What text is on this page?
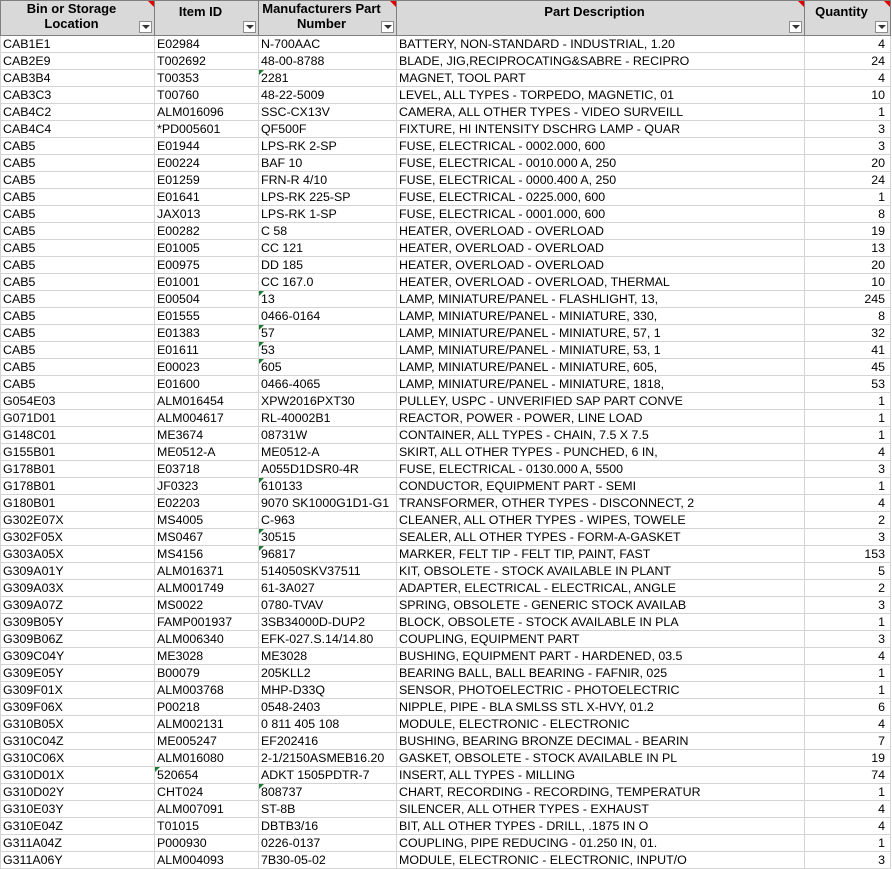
Bin or Storage Location	Item ID	Manufacturers Part Number	Part Description	Quantity

CAB1E1	E02984	N-700AAC	BATTERY, NON-STANDARD - INDUSTRIAL, 1.20	4
CAB2E9	T002692	48-00-8788	BLADE, JIG,RECIPROCATING&SABRE - RECIPRO	24
CAB3B4	T00353	2281	MAGNET, TOOL PART	4
CAB3C3	T00760	48-22-5009	LEVEL, ALL TYPES - TORPEDO, MAGNETIC, 01	10
CAB4C2	ALM016096	SSC-CX13V	CAMERA, ALL OTHER TYPES - VIDEO SURVEILL	1
CAB4C4	*PD005601	QF500F	FIXTURE, HI INTENSITY DSCHRG LAMP - QUAR	3
CAB5	E01944	LPS-RK 2-SP	FUSE, ELECTRICAL - 0002.000, 600	3
CAB5	E00224	BAF 10	FUSE, ELECTRICAL - 0010.000 A, 250	20
CAB5	E01259	FRN-R 4/10	FUSE, ELECTRICAL - 0000.400 A, 250	24
CAB5	E01641	LPS-RK 225-SP	FUSE, ELECTRICAL - 0225.000, 600	1
CAB5	JAX013	LPS-RK 1-SP	FUSE, ELECTRICAL - 0001.000, 600	8
CAB5	E00282	C 58	HEATER, OVERLOAD - OVERLOAD	19
CAB5	E01005	CC 121	HEATER, OVERLOAD - OVERLOAD	13
CAB5	E00975	DD 185	HEATER, OVERLOAD - OVERLOAD	20
CAB5	E01001	CC 167.0	HEATER, OVERLOAD - OVERLOAD, THERMAL	10
CAB5	E00504	13	LAMP, MINIATURE/PANEL - FLASHLIGHT, 13,	245
CAB5	E01555	0466-0164	LAMP, MINIATURE/PANEL - MINIATURE, 330,	8
CAB5	E01383	57	LAMP, MINIATURE/PANEL - MINIATURE, 57, 1	32
CAB5	E01611	53	LAMP, MINIATURE/PANEL - MINIATURE, 53, 1	41
CAB5	E00023	605	LAMP, MINIATURE/PANEL - MINIATURE, 605,	45
CAB5	E01600	0466-4065	LAMP, MINIATURE/PANEL - MINIATURE, 1818,	53
G054E03	ALM016454	XPW2016PXT30	PULLEY, USPC - UNVERIFIED SAP PART CONVE	1
G071D01	ALM004617	RL-40002B1	REACTOR, POWER - POWER, LINE LOAD	1
G148C01	ME3674	08731W	CONTAINER, ALL TYPES - CHAIN, 7.5 X 7.5	1
G155B01	ME0512-A	ME0512-A	SKIRT, ALL OTHER TYPES - PUNCHED, 6 IN,	4
G178B01	E03718	A055D1DSR0-4R	FUSE, ELECTRICAL - 0130.000 A, 5500	3
G178B01	JF0323	610133	CONDUCTOR, EQUIPMENT PART - SEMI	1
G180B01	E02203	9070 SK1000G1D1-G1	TRANSFORMER, OTHER TYPES - DISCONNECT, 2	4
G302E07X	MS4005	C-963	CLEANER, ALL OTHER TYPES - WIPES, TOWELE	2
G302F05X	MS0467	30515	SEALER, ALL OTHER TYPES - FORM-A-GASKET	3
G303A05X	MS4156	96817	MARKER, FELT TIP - FELT TIP, PAINT, FAST	153
G309A01Y	ALM016371	514050SKV37511	KIT, OBSOLETE - STOCK AVAILABLE IN PLANT	5
G309A03X	ALM001749	61-3A027	ADAPTER, ELECTRICAL - ELECTRICAL, ANGLE	2
G309A07Z	MS0022	0780-TVAV	SPRING, OBSOLETE - GENERIC STOCK AVAILAB	3
G309B05Y	FAMP001937	3SB34000D-DUP2	BLOCK, OBSOLETE - STOCK AVAILABLE IN PLA	1
G309B06Z	ALM006340	EFK-027.S.14/14.80	COUPLING, EQUIPMENT PART	3
G309C04Y	ME3028	ME3028	BUSHING, EQUIPMENT PART - HARDENED, 03.5	4
G309E05Y	B00079	205KLL2	BEARING BALL, BALL BEARING - FAFNIR, 025	1
G309F01X	ALM003768	MHP-D33Q	SENSOR, PHOTOELECTRIC - PHOTOELECTRIC	1
G309F06X	P00218	0548-2403	NIPPLE, PIPE - BLA SMLSS STL X-HVY, 01.2	6
G310B05X	ALM002131	0 811 405 108	MODULE, ELECTRONIC - ELECTRONIC	4
G310C04Z	ME005247	EF202416	BUSHING, BEARING BRONZE DECIMAL - BEARIN	7
G310C06X	ALM016080	2-1/2150ASMEB16.20	GASKET, OBSOLETE - STOCK AVAILABLE IN PL	19
G310D01X	520654	ADKT 1505PDTR-7	INSERT, ALL TYPES - MILLING	74
G310D02Y	CHT024	808737	CHART, RECORDING - RECORDING, TEMPERATUR	1
G310E03Y	ALM007091	ST-8B	SILENCER, ALL OTHER TYPES - EXHAUST	4
G310E04Z	T01015	DBTB3/16	BIT, ALL OTHER TYPES - DRILL, .1875 IN O	4
G311A04Z	P000930	0226-0137	COUPLING, PIPE REDUCING - 01.250 IN, 01.	1
G311A06Y	ALM004093	7B30-05-02	MODULE, ELECTRONIC - ELECTRONIC, INPUT/O	3
